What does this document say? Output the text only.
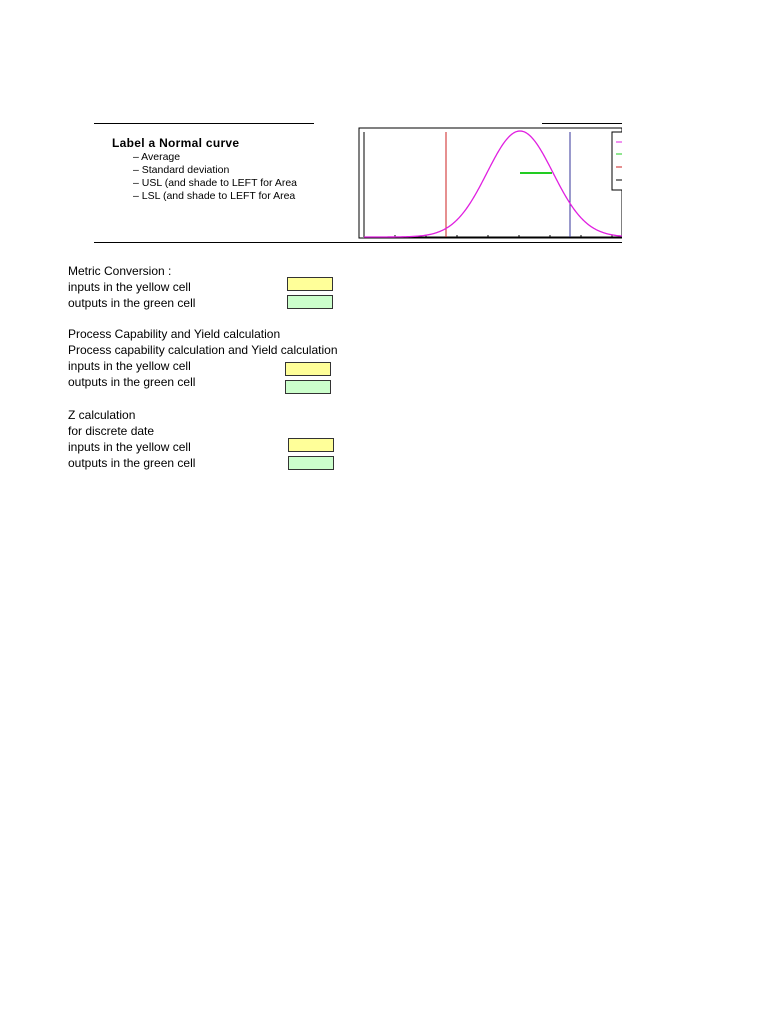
Label a Normal curve
– Average
– Standard deviation
– USL (and shade to LEFT for Area
– LSL (and shade to LEFT for Area
Metric Conversion :
inputs in the yellow cell
outputs in the green cell
Process Capability and Yield calculation
Process capability calculation and Yield calculation
inputs in the yellow cell
outputs in the green cell
Z calculation
for discrete date
inputs in the yellow cell
outputs in the green cell
